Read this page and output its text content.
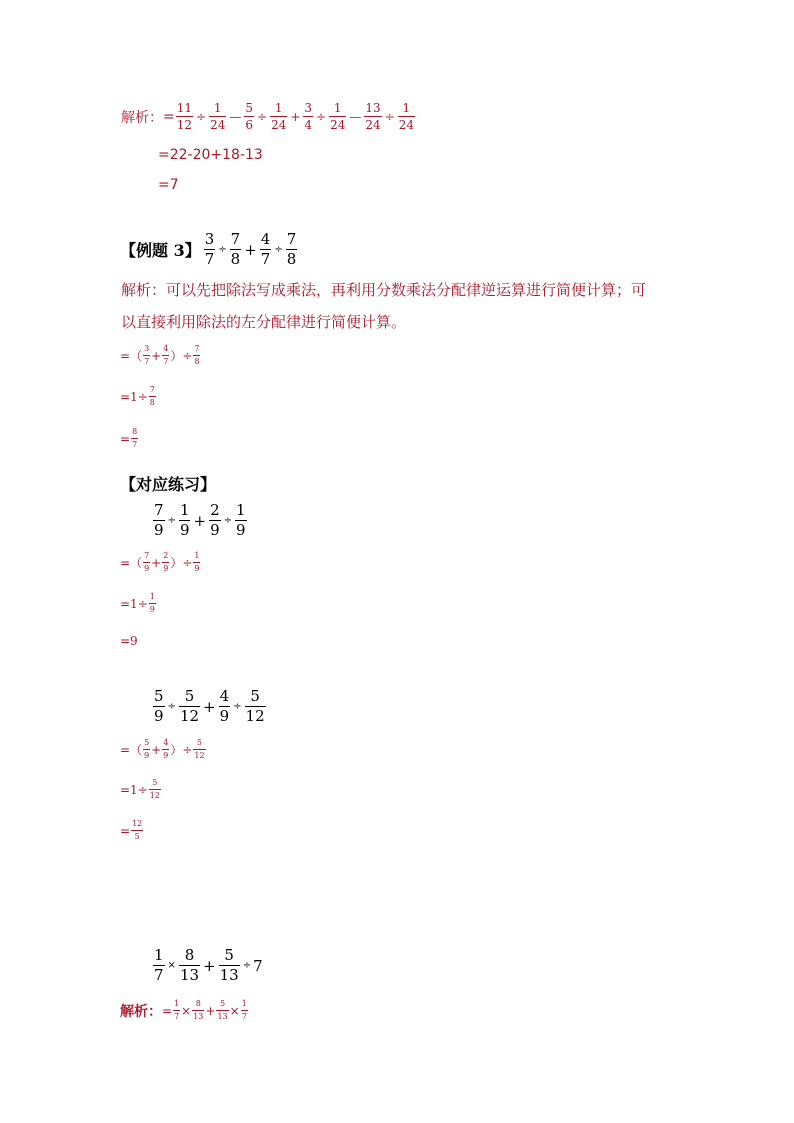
解析： = $\frac{11}{12} \div \frac{1}{24}$ — $\frac{5}{6} \div \frac{1}{24} + \frac{3}{4} \div \frac{1}{24}$ — $\frac{13}{24} \div \frac{1}{24}$
=22-20+18-13
=7
【例题 3】 $\frac{3}{7} \div \frac{7}{8} + \frac{4}{7} \div \frac{7}{8}$
解析：可以先把除法写成乘法，再利用分数乘法分配律逆运算进行简便计算；可
以直接利用除法的左分配律进行简便计算。
=（ $\frac{3}{7} + \frac{4}{7}$ ）÷ $\frac{7}{8}$
$=1\div \frac{7}{8}$
= $\frac{8}{7}$
【对应练习】
$\frac{7}{9} \div \frac{1}{9} + \frac{2}{9} \div \frac{1}{9}$
=（ $\frac{7}{9} + \frac{2}{9}$ ）÷ $\frac{1}{9}$
$=1\div \frac{1}{9}$
=9
$\frac{5}{9} \div \frac{5}{12} + \frac{4}{9} \div \frac{5}{12}$
=（ $\frac{5}{9} + \frac{4}{9}$ ）÷ $\frac{5}{12}$
$=1\div \frac{5}{12}$
= $\frac{12}{5}$
$\frac{1}{7} \times \frac{8}{13} + \frac{5}{13} \div 7$
解析： = $\frac{1}{7} \times \frac{8}{13} + \frac{5}{13} \times \frac{1}{7}$
